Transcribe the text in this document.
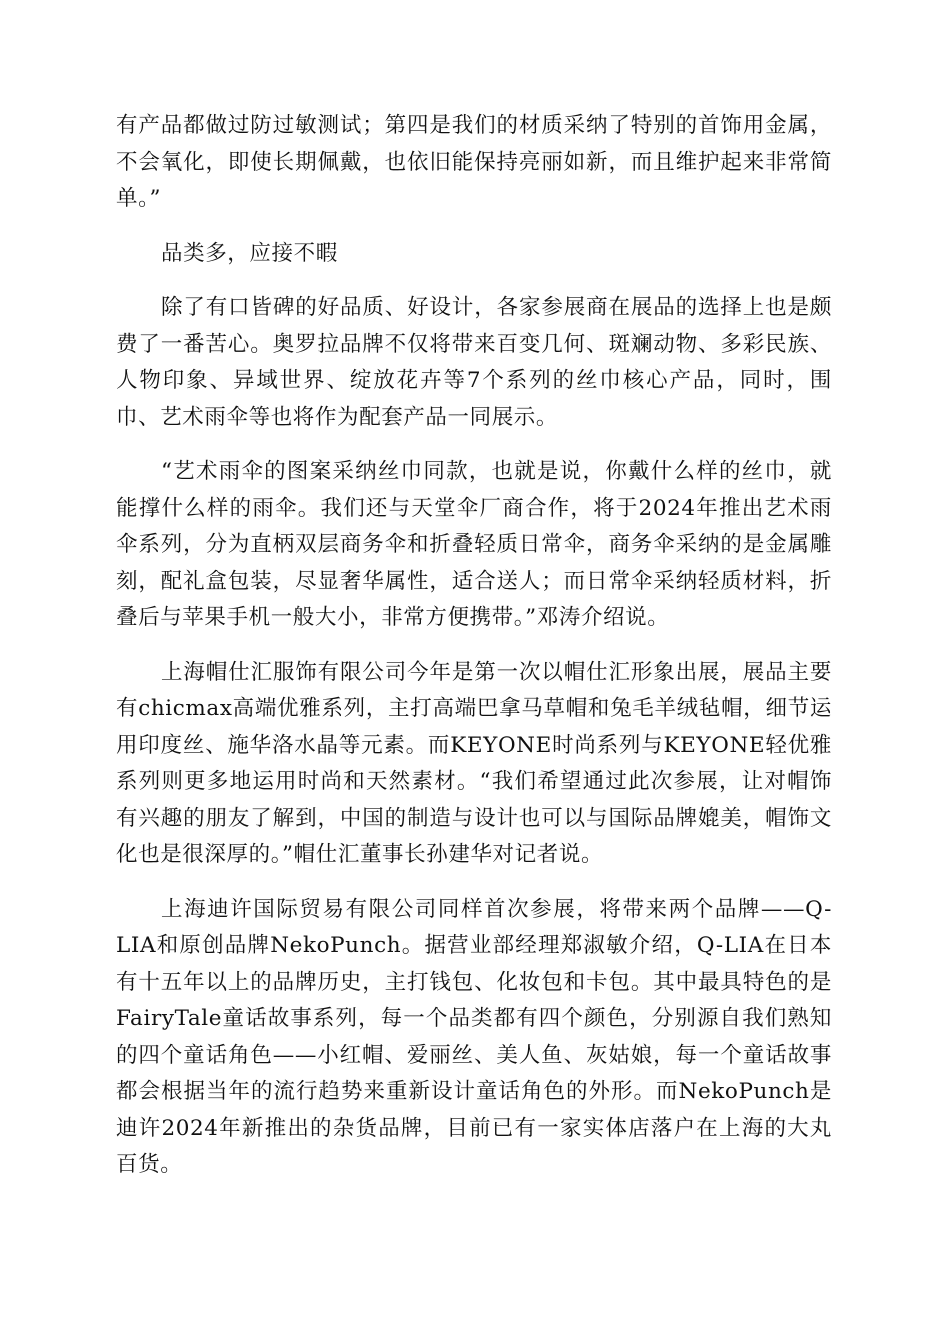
有产品都做过防过敏测试；第四是我们的材质采纳了特别的首饰用金属，不会氧化，即使长期佩戴，也依旧能保持亮丽如新，而且维护起来非常简单。”

品类多，应接不暇

除了有口皆碑的好品质、好设计，各家参展商在展品的选择上也是颇费了一番苦心。奥罗拉品牌不仅将带来百变几何、斑斓动物、多彩民族、人物印象、异域世界、绽放花卉等7个系列的丝巾核心产品，同时，围巾、艺术雨伞等也将作为配套产品一同展示。

“艺术雨伞的图案采纳丝巾同款，也就是说，你戴什么样的丝巾，就能撑什么样的雨伞。我们还与天堂伞厂商合作，将于2024年推出艺术雨伞系列，分为直柄双层商务伞和折叠轻质日常伞，商务伞采纳的是金属雕刻，配礼盒包装，尽显奢华属性，适合送人；而日常伞采纳轻质材料，折叠后与苹果手机一般大小，非常方便携带。”邓涛介绍说。

上海帽仕汇服饰有限公司今年是第一次以帽仕汇形象出展，展品主要有chicmax高端优雅系列，主打高端巴拿马草帽和兔毛羊绒毡帽，细节运用印度丝、施华洛水晶等元素。而KEYONE时尚系列与KEYONE轻优雅系列则更多地运用时尚和天然素材。“我们希望通过此次参展，让对帽饰有兴趣的朋友了解到，中国的制造与设计也可以与国际品牌媲美，帽饰文化也是很深厚的。”帽仕汇董事长孙建华对记者说。

上海迪许国际贸易有限公司同样首次参展，将带来两个品牌——Q-LIA和原创品牌NekoPunch。据营业部经理郑淑敏介绍，Q-LIA在日本有十五年以上的品牌历史，主打钱包、化妆包和卡包。其中最具特色的是FairyTale童话故事系列，每一个品类都有四个颜色，分别源自我们熟知的四个童话角色——小红帽、爱丽丝、美人鱼、灰姑娘，每一个童话故事都会根据当年的流行趋势来重新设计童话角色的外形。而NekoPunch是迪许2024年新推出的杂货品牌，目前已有一家实体店落户在上海的大丸百货。
